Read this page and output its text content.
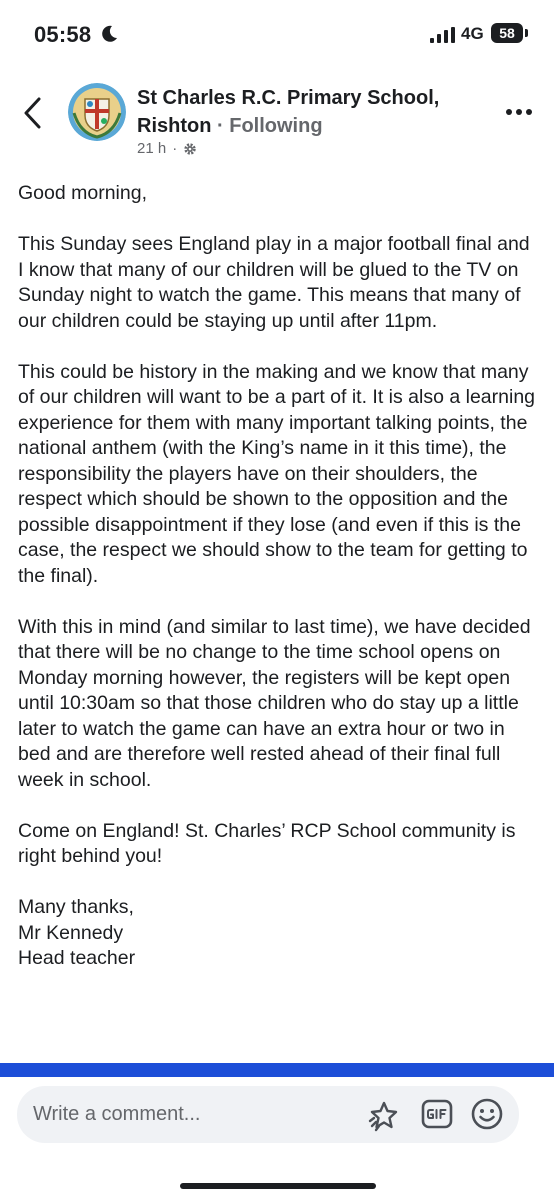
05:58	4G	58
St Charles R.C. Primary School, Rishton · Following
21 h ·

Good morning,

This Sunday sees England play in a major football final and I know that many of our children will be glued to the TV on Sunday night to watch the game. This means that many of our children could be staying up until after 11pm.

This could be history in the making and we know that many of our children will want to be a part of it. It is also a learning experience for them with many important talking points, the national anthem (with the King’s name in it this time), the responsibility the players have on their shoulders, the respect which should be shown to the opposition and the possible disappointment if they lose (and even if this is the case, the respect we should show to the team for getting to the final).

With this in mind (and similar to last time), we have decided that there will be no change to the time school opens on Monday morning however, the registers will be kept open until 10:30am so that those children who do stay up a little later to watch the game can have an extra hour or two in bed and are therefore well rested ahead of their final full week in school.

Come on England! St. Charles’ RCP School community is right behind you!

Many thanks,
Mr Kennedy
Head teacher
Write a comment...
